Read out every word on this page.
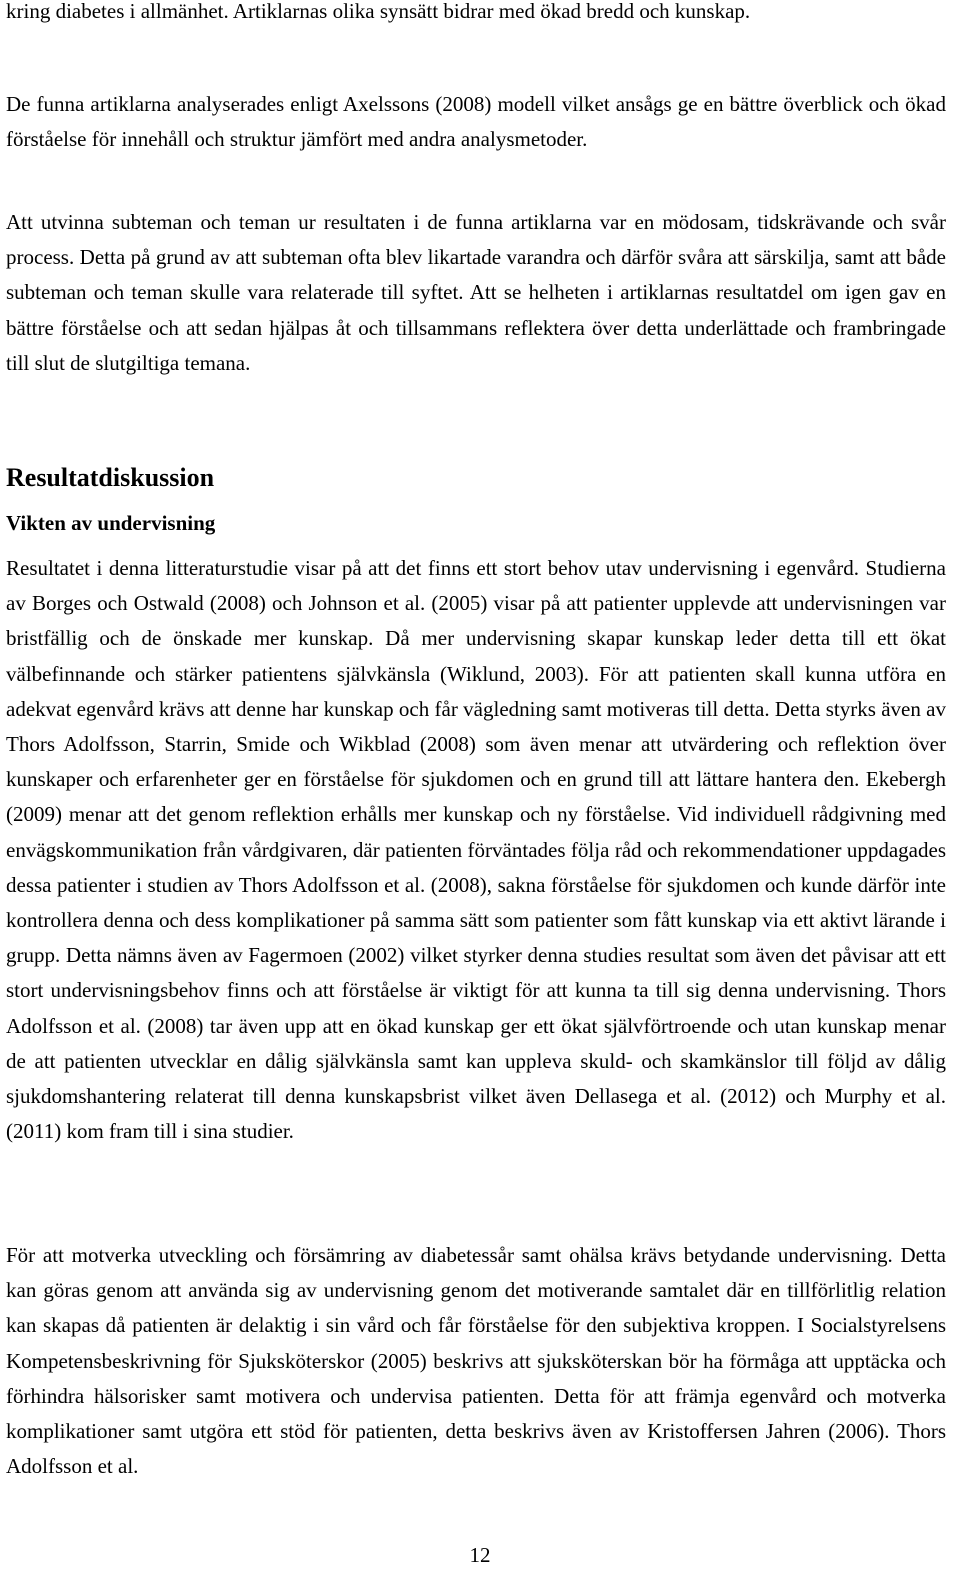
kring diabetes i allmänhet. Artiklarnas olika synsätt bidrar med ökad bredd och kunskap.

De funna artiklarna analyserades enligt Axelssons (2008) modell vilket ansågs ge en bättre överblick och ökad förståelse för innehåll och struktur jämfört med andra analysmetoder.

Att utvinna subteman och teman ur resultaten i de funna artiklarna var en mödosam, tidskrävande och svår process. Detta på grund av att subteman ofta blev likartade varandra och därför svåra att särskilja, samt att både subteman och teman skulle vara relaterade till syftet. Att se helheten i artiklarnas resultatdel om igen gav en bättre förståelse och att sedan hjälpas åt och tillsammans reflektera över detta underlättade och frambringade till slut de slutgiltiga temana.

Resultatdiskussion
Vikten av undervisning

Resultatet i denna litteraturstudie visar på att det finns ett stort behov utav undervisning i egenvård. Studierna av Borges och Ostwald (2008) och Johnson et al. (2005) visar på att patienter upplevde att undervisningen var bristfällig och de önskade mer kunskap. Då mer undervisning skapar kunskap leder detta till ett ökat välbefinnande och stärker patientens självkänsla (Wiklund, 2003). För att patienten skall kunna utföra en adekvat egenvård krävs att denne har kunskap och får vägledning samt motiveras till detta. Detta styrks även av Thors Adolfsson, Starrin, Smide och Wikblad (2008) som även menar att utvärdering och reflektion över kunskaper och erfarenheter ger en förståelse för sjukdomen och en grund till att lättare hantera den. Ekebergh (2009) menar att det genom reflektion erhålls mer kunskap och ny förståelse. Vid individuell rådgivning med envägskommunikation från vårdgivaren, där patienten förväntades följa råd och rekommendationer uppdagades dessa patienter i studien av Thors Adolfsson et al. (2008), sakna förståelse för sjukdomen och kunde därför inte kontrollera denna och dess komplikationer på samma sätt som patienter som fått kunskap via ett aktivt lärande i grupp. Detta nämns även av Fagermoen (2002) vilket styrker denna studies resultat som även det påvisar att ett stort undervisningsbehov finns och att förståelse är viktigt för att kunna ta till sig denna undervisning. Thors Adolfsson et al. (2008) tar även upp att en ökad kunskap ger ett ökat självförtroende och utan kunskap menar de att patienten utvecklar en dålig självkänsla samt kan uppleva skuld- och skamkänslor till följd av dålig sjukdomshantering relaterat till denna kunskapsbrist vilket även Dellasega et al. (2012) och Murphy et al. (2011) kom fram till i sina studier.

För att motverka utveckling och försämring av diabetessår samt ohälsa krävs betydande undervisning. Detta kan göras genom att använda sig av undervisning genom det motiverande samtalet där en tillförlitlig relation kan skapas då patienten är delaktig i sin vård och får förståelse för den subjektiva kroppen. I Socialstyrelsens Kompetensbeskrivning för Sjuksköterskor (2005) beskrivs att sjuksköterskan bör ha förmåga att upptäcka och förhindra hälsorisker samt motivera och undervisa patienten. Detta för att främja egenvård och motverka komplikationer samt utgöra ett stöd för patienten, detta beskrivs även av Kristoffersen Jahren (2006). Thors Adolfsson et al.

12
